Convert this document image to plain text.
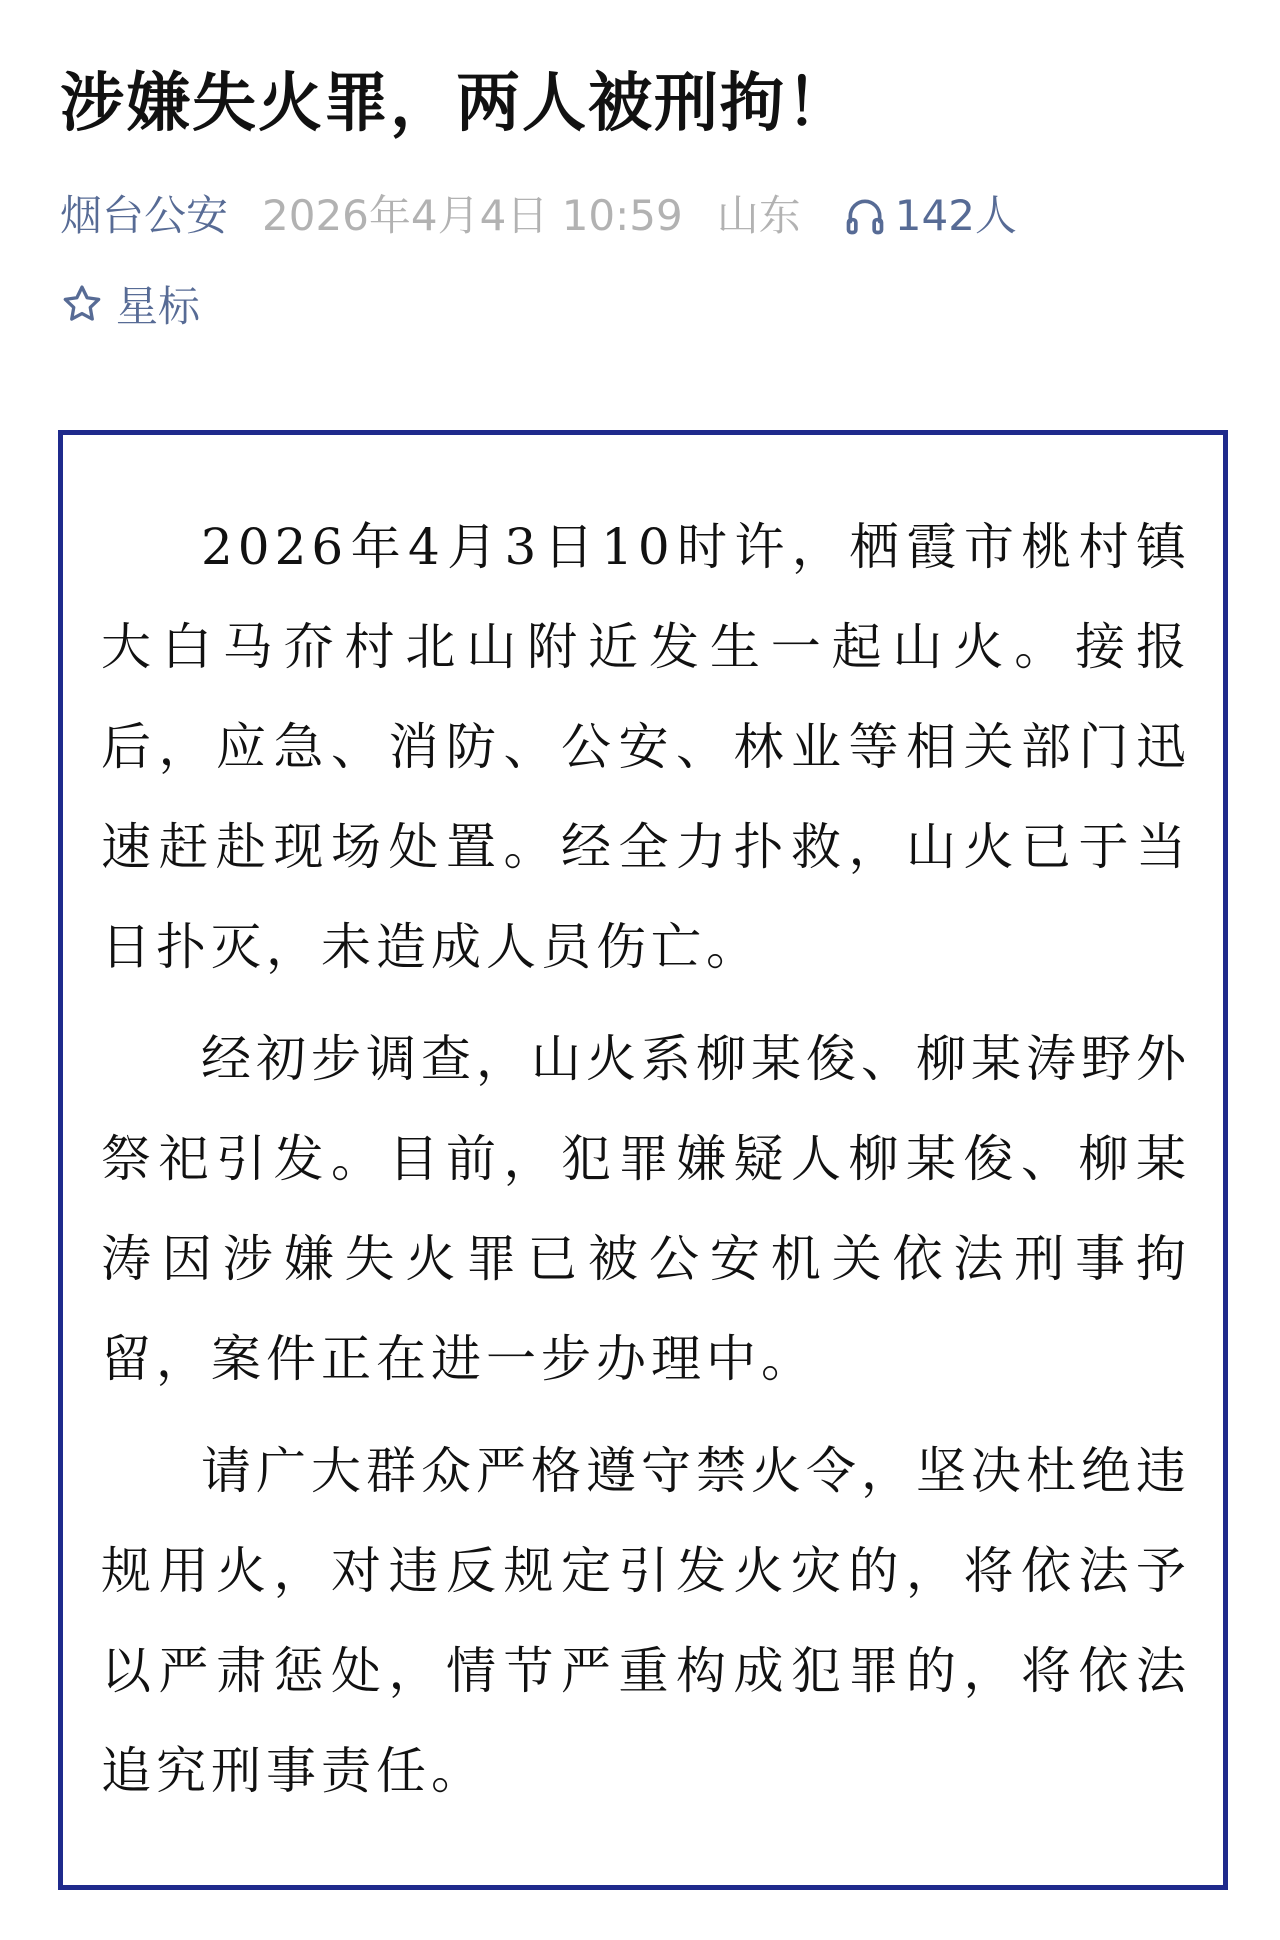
涉嫌失火罪，两人被刑拘！
烟台公安 2026年4月4日 10:59 山东 142人
星标

2026年4月3日10时许，栖霞市桃村镇大白马夼村北山附近发生一起山火。接报后，应急、消防、公安、林业等相关部门迅速赶赴现场处置。经全力扑救，山火已于当日扑灭，未造成人员伤亡。

经初步调查，山火系柳某俊、柳某涛野外祭祀引发。目前，犯罪嫌疑人柳某俊、柳某涛因涉嫌失火罪已被公安机关依法刑事拘留，案件正在进一步办理中。

请广大群众严格遵守禁火令，坚决杜绝违规用火，对违反规定引发火灾的，将依法予以严肃惩处，情节严重构成犯罪的，将依法追究刑事责任。
